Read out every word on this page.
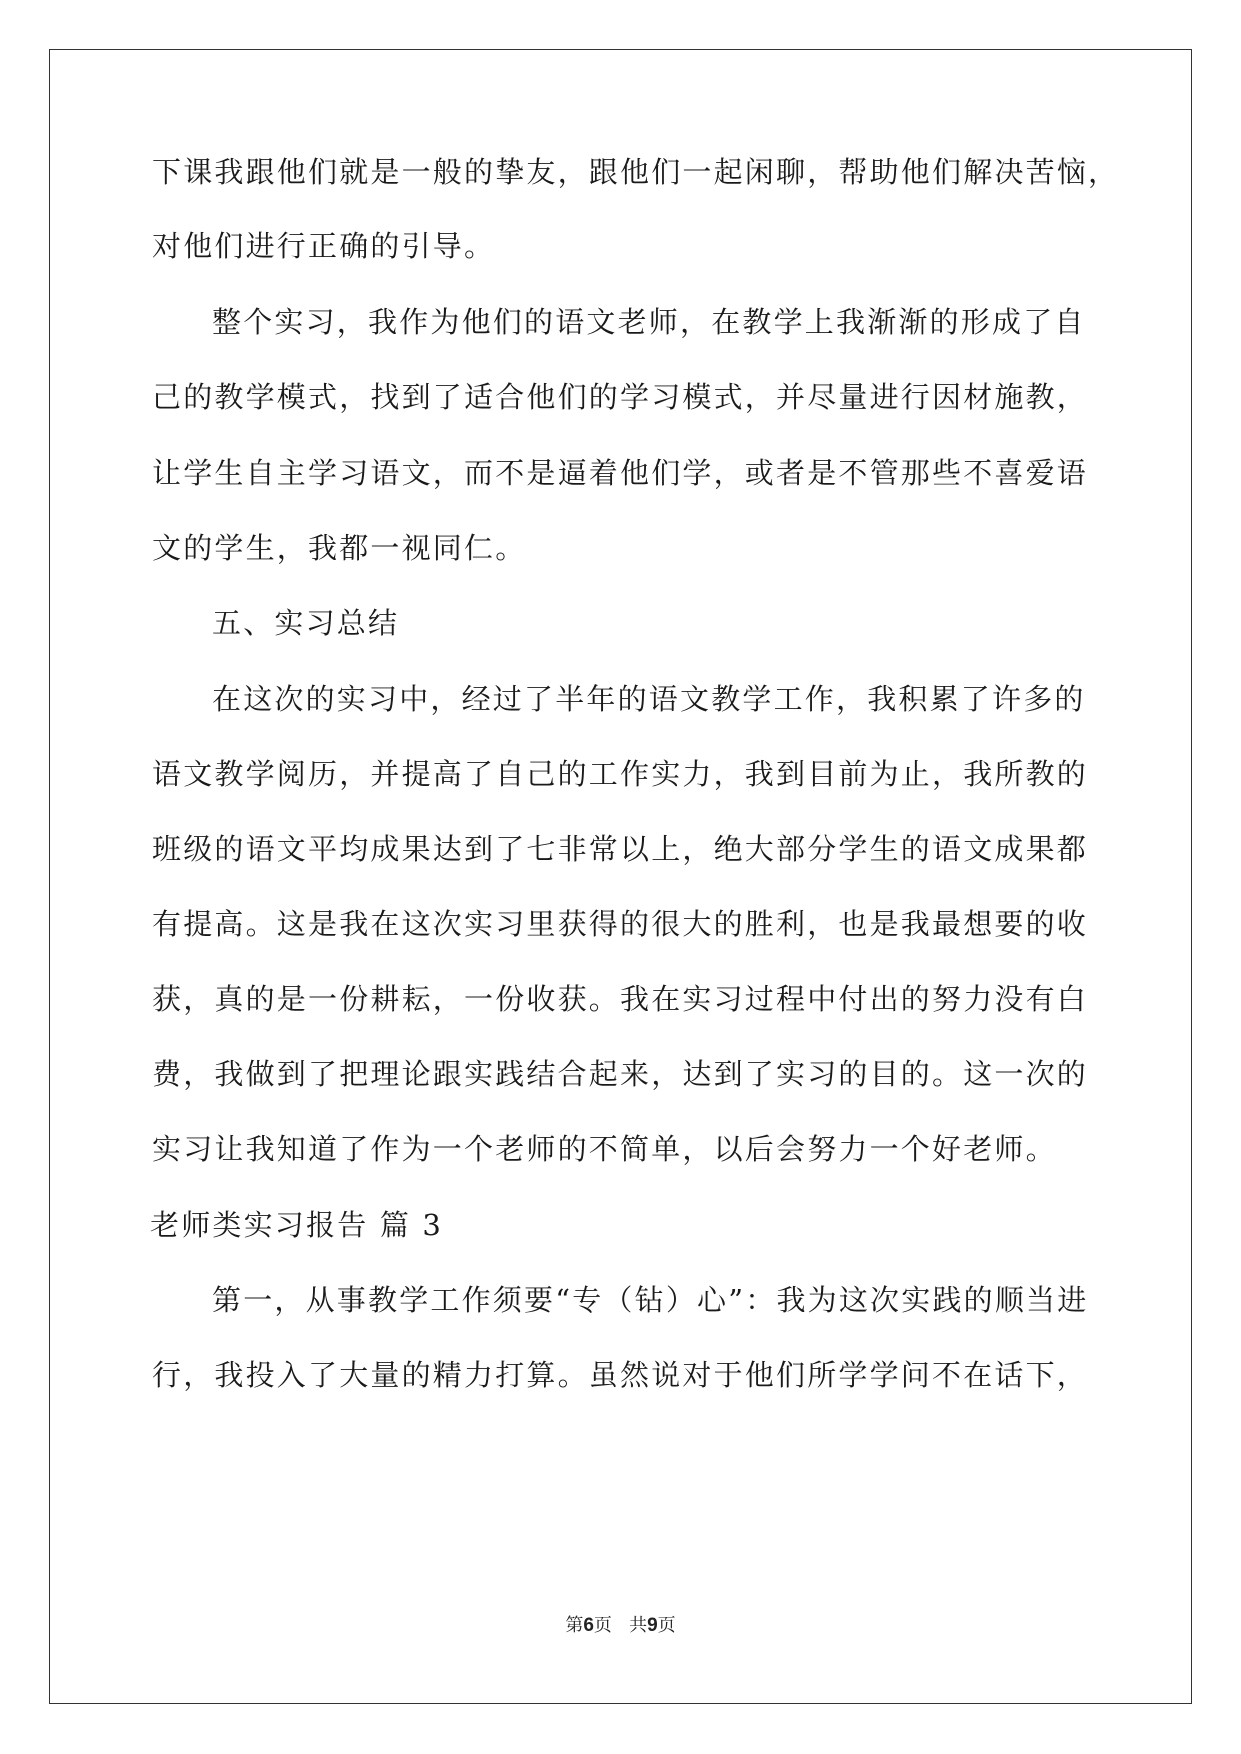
下课我跟他们就是一般的挚友，跟他们一起闲聊，帮助他们解决苦恼，
对他们进行正确的引导。
整个实习，我作为他们的语文老师，在教学上我渐渐的形成了自
己的教学模式，找到了适合他们的学习模式，并尽量进行因材施教，
让学生自主学习语文，而不是逼着他们学，或者是不管那些不喜爱语
文的学生，我都一视同仁。
五、实习总结
在这次的实习中，经过了半年的语文教学工作，我积累了许多的
语文教学阅历，并提高了自己的工作实力，我到目前为止，我所教的
班级的语文平均成果达到了七非常以上，绝大部分学生的语文成果都
有提高。这是我在这次实习里获得的很大的胜利，也是我最想要的收
获，真的是一份耕耘，一份收获。我在实习过程中付出的努力没有白
费，我做到了把理论跟实践结合起来，达到了实习的目的。这一次的
实习让我知道了作为一个老师的不简单，以后会努力一个好老师。
老师类实习报告 篇 3
第一，从事教学工作须要“专（钻）心”：我为这次实践的顺当进
行，我投入了大量的精力打算。虽然说对于他们所学学问不在话下，
第6页 共9页
